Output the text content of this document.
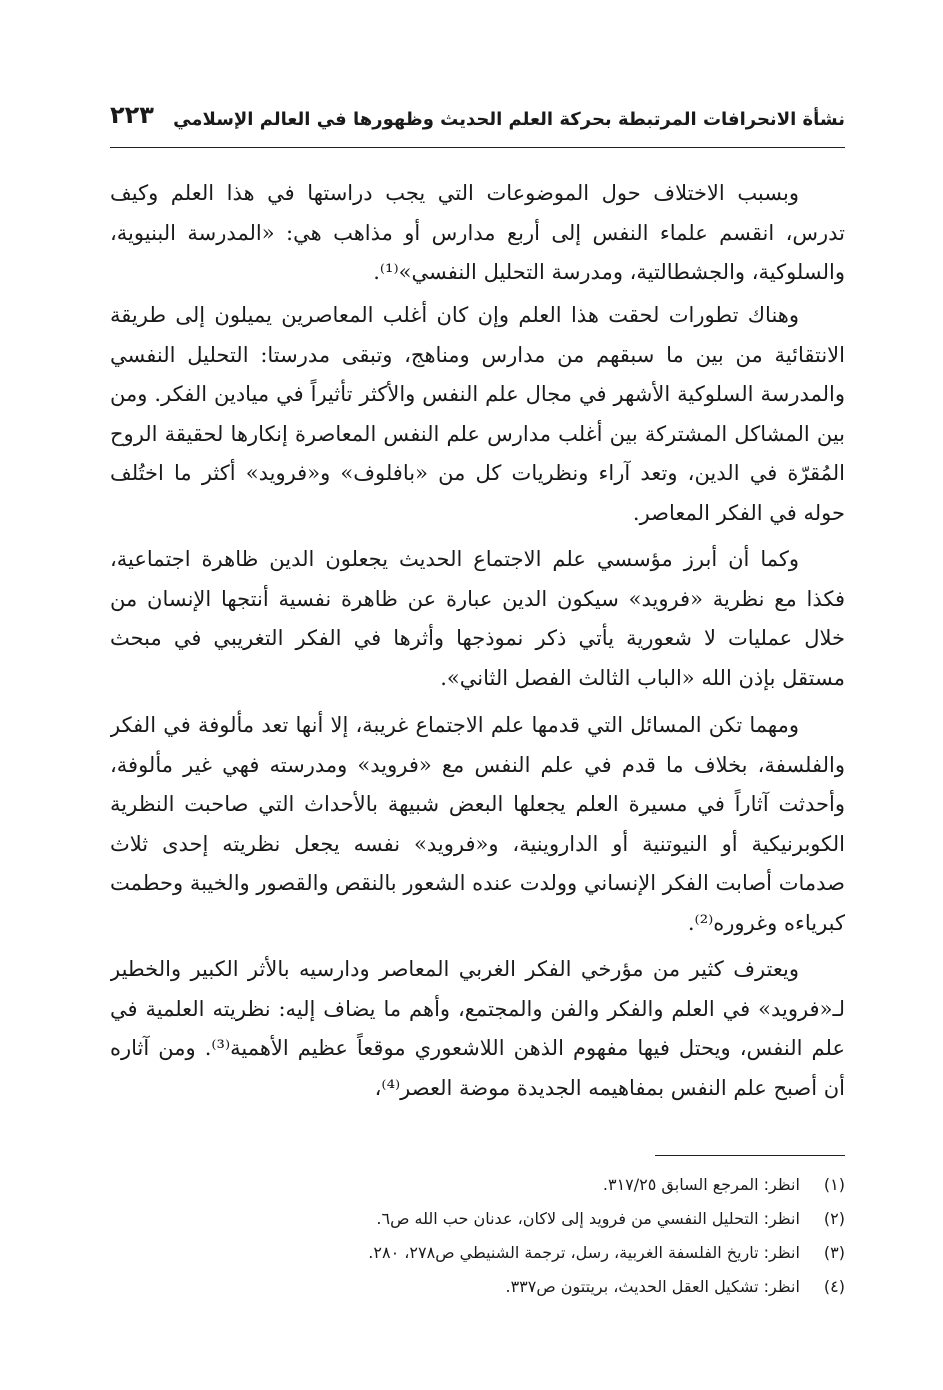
نشأة الانحرافات المرتبطة بحركة العلم الحديث وظهورها في العالم الإسلامي
٢٢٣

وبسبب الاختلاف حول الموضوعات التي يجب دراستها في هذا العلم وكيف تدرس، انقسم علماء النفس إلى أربع مدارس أو مذاهب هي: «المدرسة البنيوية، والسلوكية، والجشطالتية، ومدرسة التحليل النفسي»⁽¹⁾.

وهناك تطورات لحقت هذا العلم وإن كان أغلب المعاصرين يميلون إلى طريقة الانتقائية من بين ما سبقهم من مدارس ومناهج، وتبقى مدرستا: التحليل النفسي والمدرسة السلوكية الأشهر في مجال علم النفس والأكثر تأثيراً في ميادين الفكر. ومن بين المشاكل المشتركة بين أغلب مدارس علم النفس المعاصرة إنكارها لحقيقة الروح المُقرّة في الدين، وتعد آراء ونظريات كل من «بافلوف» و«فرويد» أكثر ما اختُلف حوله في الفكر المعاصر.

وكما أن أبرز مؤسسي علم الاجتماع الحديث يجعلون الدين ظاهرة اجتماعية، فكذا مع نظرية «فرويد» سيكون الدين عبارة عن ظاهرة نفسية أنتجها الإنسان من خلال عمليات لا شعورية يأتي ذكر نموذجها وأثرها في الفكر التغريبي في مبحث مستقل بإذن الله «الباب الثالث الفصل الثاني».

ومهما تكن المسائل التي قدمها علم الاجتماع غريبة، إلا أنها تعد مألوفة في الفكر والفلسفة، بخلاف ما قدم في علم النفس مع «فرويد» ومدرسته فهي غير مألوفة، وأحدثت آثاراً في مسيرة العلم يجعلها البعض شبيهة بالأحداث التي صاحبت النظرية الكوبرنيكية أو النيوتنية أو الداروينية، و«فرويد» نفسه يجعل نظريته إحدى ثلاث صدمات أصابت الفكر الإنساني وولدت عنده الشعور بالنقص والقصور والخيبة وحطمت كبرياءه وغروره⁽²⁾.

ويعترف كثير من مؤرخي الفكر الغربي المعاصر ودارسيه بالأثر الكبير والخطير لـ«فرويد» في العلم والفكر والفن والمجتمع، وأهم ما يضاف إليه: نظريته العلمية في علم النفس، ويحتل فيها مفهوم الذهن اللاشعوري موقعاً عظيم الأهمية⁽³⁾. ومن آثاره أن أصبح علم النفس بمفاهيمه الجديدة موضة العصر⁽⁴⁾،

(١) انظر: المرجع السابق ٣١٧/٢٥.
(٢) انظر: التحليل النفسي من فرويد إلى لاكان، عدنان حب الله ص٦.
(٣) انظر: تاريخ الفلسفة الغربية، رسل، ترجمة الشنيطي ص٢٧٨، ٢٨٠.
(٤) انظر: تشكيل العقل الحديث، بريتتون ص٣٣٧.
